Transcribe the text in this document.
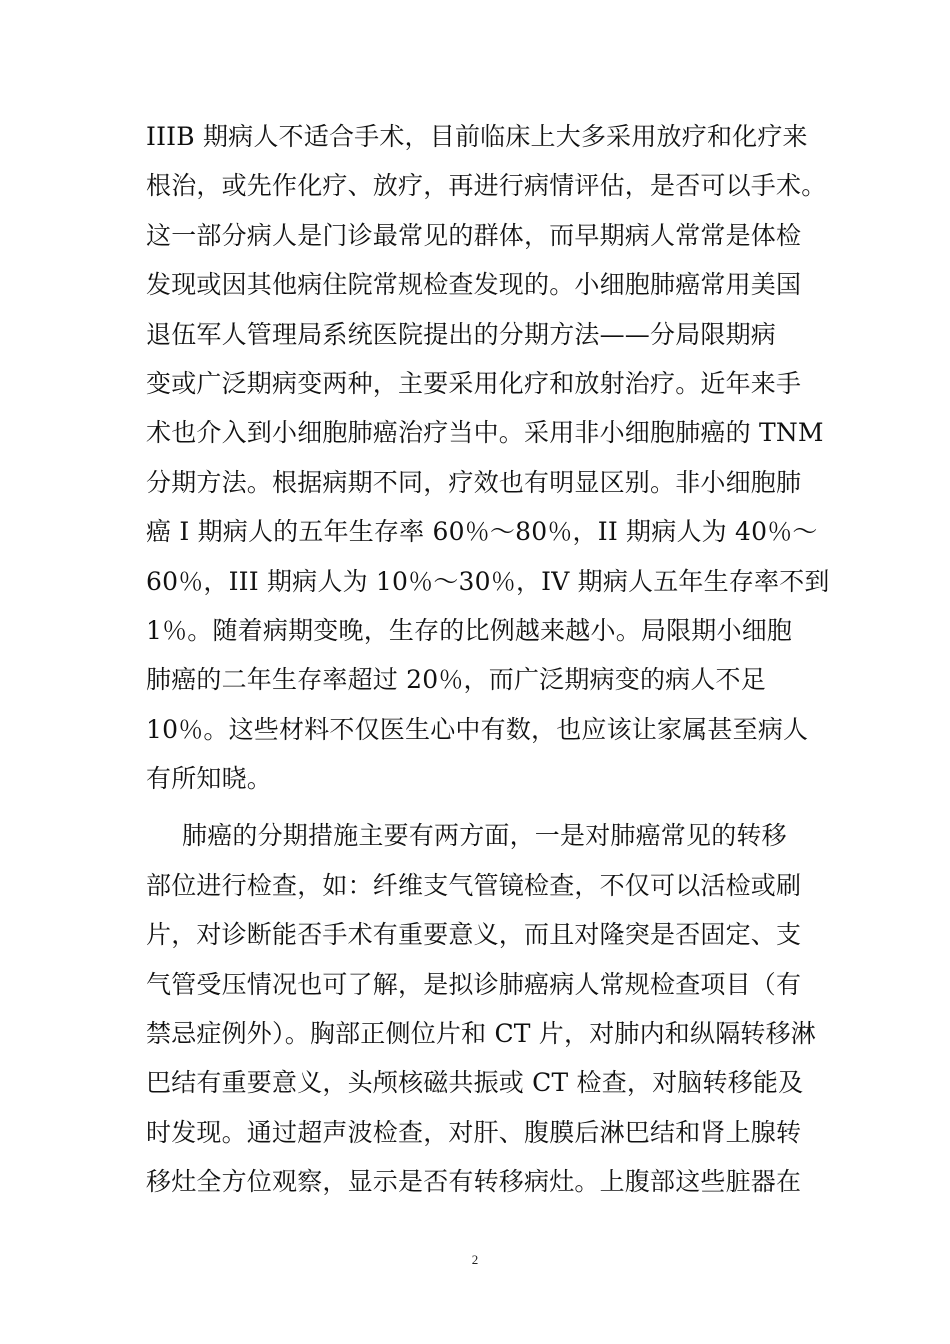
IIIB 期病人不适合手术，目前临床上大多采用放疗和化疗来
根治，或先作化疗、放疗，再进行病情评估，是否可以手术。
这一部分病人是门诊最常见的群体，而早期病人常常是体检
发现或因其他病住院常规检查发现的。小细胞肺癌常用美国
退伍军人管理局系统医院提出的分期方法——分局限期病
变或广泛期病变两种，主要采用化疗和放射治疗。近年来手
术也介入到小细胞肺癌治疗当中。采用非小细胞肺癌的 TNM
分期方法。根据病期不同，疗效也有明显区别。非小细胞肺
癌 I 期病人的五年生存率 60％～80％，II 期病人为 40％～
60％，III 期病人为 10％～30％，IV 期病人五年生存率不到
1％。随着病期变晚，生存的比例越来越小。局限期小细胞
肺癌的二年生存率超过 20％，而广泛期病变的病人不足
10％。这些材料不仅医生心中有数，也应该让家属甚至病人
有所知晓。
肺癌的分期措施主要有两方面，一是对肺癌常见的转移
部位进行检查，如：纤维支气管镜检查，不仅可以活检或刷
片，对诊断能否手术有重要意义，而且对隆突是否固定、支
气管受压情况也可了解，是拟诊肺癌病人常规检查项目（有
禁忌症例外）。胸部正侧位片和 CT 片，对肺内和纵隔转移淋
巴结有重要意义，头颅核磁共振或 CT 检查，对脑转移能及
时发现。通过超声波检查，对肝、腹膜后淋巴结和肾上腺转
移灶全方位观察，显示是否有转移病灶。上腹部这些脏器在
2
